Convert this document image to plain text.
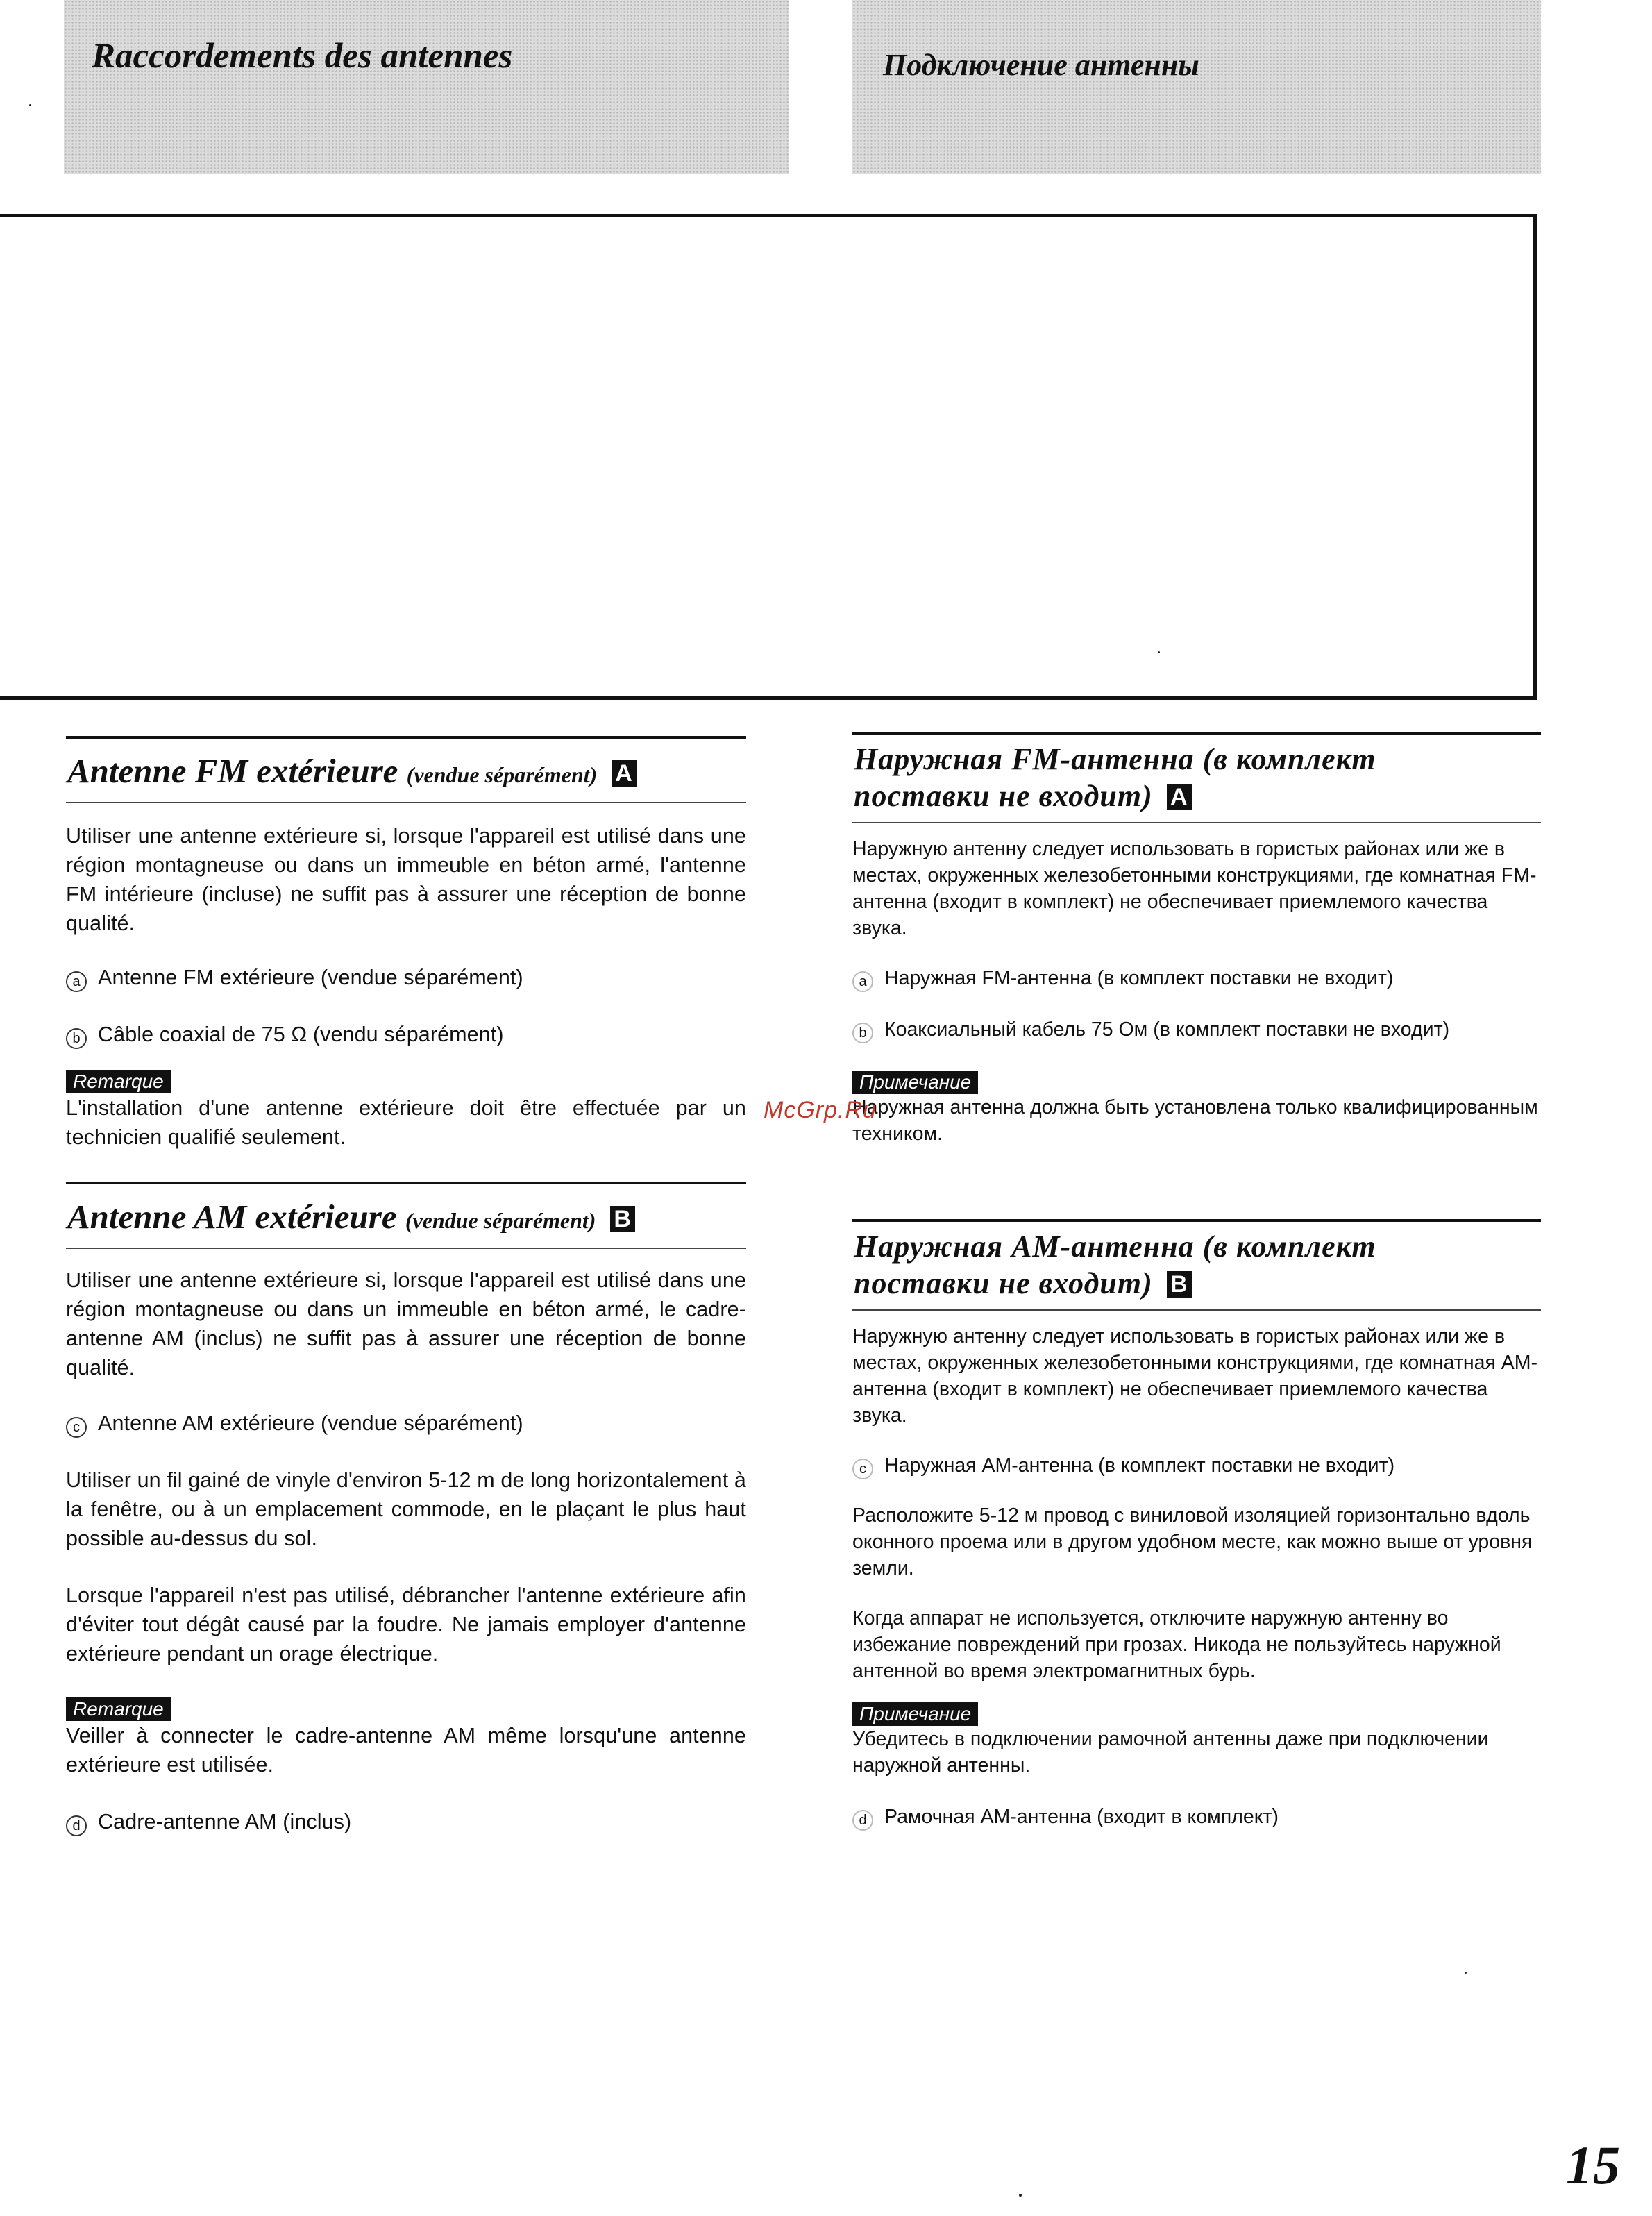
Raccordements des antennes	Подключение антенны
Antenne FM extérieure (vendue séparément) A

Utiliser une antenne extérieure si, lorsque l'appareil est utilisé dans une région montagneuse ou dans un immeuble en béton armé, l'antenne FM intérieure (incluse) ne suffit pas à assurer une réception de bonne qualité.

a Antenne FM extérieure (vendue séparément)

b Câble coaxial de 75 Ω (vendu séparément)

Remarque

L'installation d'une antenne extérieure doit être effectuée par un technicien qualifié seulement.

Antenne AM extérieure (vendue séparément) B

Utiliser une antenne extérieure si, lorsque l'appareil est utilisé dans une région montagneuse ou dans un immeuble en béton armé, le cadre-antenne AM (inclus) ne suffit pas à assurer une réception de bonne qualité.

c Antenne AM extérieure (vendue séparément)

Utiliser un fil gainé de vinyle d'environ 5-12 m de long horizontalement à la fenêtre, ou à un emplacement commode, en le plaçant le plus haut possible au-dessus du sol.

Lorsque l'appareil n'est pas utilisé, débrancher l'antenne extérieure afin d'éviter tout dégât causé par la foudre. Ne jamais employer d'antenne extérieure pendant un orage électrique.

Remarque

Veiller à connecter le cadre-antenne AM même lorsqu'une antenne extérieure est utilisée.

d Cadre-antenne AM (inclus)

Наружная FM-антенна (в комплект
поставки не входит) A

Наружную антенну следует использовать в гористых районах или же в местах, окруженных железобетонными конструкциями, где комнатная FM-антенна (входит в комплект) не обеспечивает приемлемого качества звука.

a Наружная FM-антенна (в комплект поставки не входит)

b Коаксиальный кабель 75 Ом (в комплект поставки не входит)

Примечание

Наружная антенна должна быть установлена только квалифицированным техником.

Наружная AM-антенна (в комплект
поставки не входит) B

Наружную антенну следует использовать в гористых районах или же в местах, окруженных железобетонными конструкциями, где комнатная AM-антенна (входит в комплект) не обеспечивает приемлемого качества звука.

c Наружная AM-антенна (в комплект поставки не входит)

Расположите 5-12 м провод с виниловой изоляцией горизонтально вдоль оконного проема или в другом удобном месте, как можно выше от уровня земли.

Когда аппарат не используется, отключите наружную антенну во избежание повреждений при грозах. Никода не пользуйтесь наружной антенной во время электромагнитных бурь.

Примечание

Убедитесь в подключении рамочной антенны даже при подключении наружной антенны.

d Рамочная AM-антенна (входит в комплект)

McGrp.Ru
15
